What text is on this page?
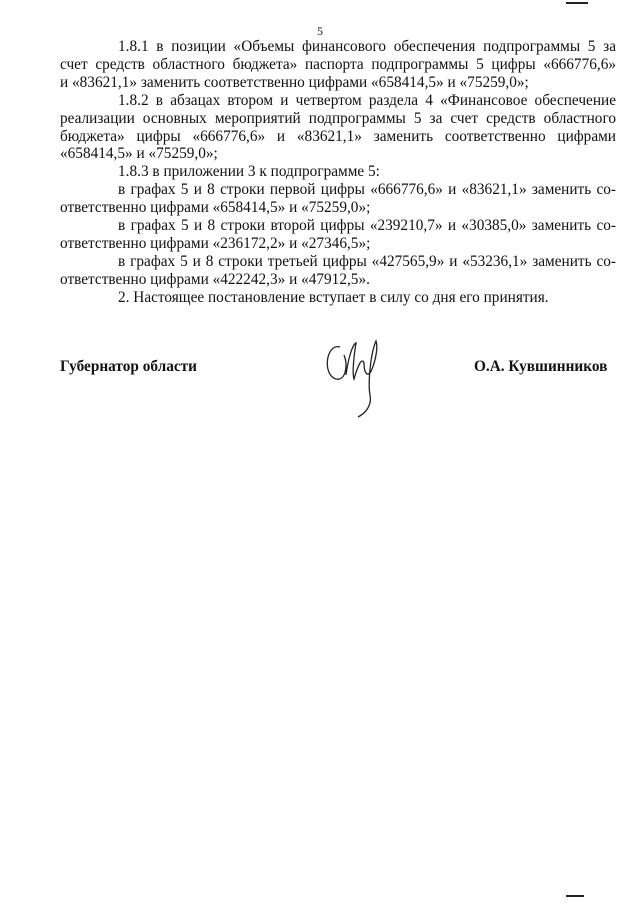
5
1.8.1 в позиции «Объемы финансового обеспечения подпрограммы 5 за
счет средств областного бюджета» паспорта подпрограммы 5 цифры «666776,6»
и «83621,1» заменить соответственно цифрами «658414,5» и «75259,0»;
1.8.2 в абзацах втором и четвертом раздела 4 «Финансовое обеспечение
реализации основных мероприятий подпрограммы 5 за счет средств областного
бюджета» цифры «666776,6» и «83621,1» заменить соответственно цифрами
«658414,5» и «75259,0»;
1.8.3 в приложении 3 к подпрограмме 5:
в графах 5 и 8 строки первой цифры «666776,6» и «83621,1» заменить со-
ответственно цифрами «658414,5» и «75259,0»;
в графах 5 и 8 строки второй цифры «239210,7» и «30385,0» заменить со-
ответственно цифрами «236172,2» и «27346,5»;
в графах 5 и 8 строки третьей цифры «427565,9» и «53236,1» заменить со-
ответственно цифрами «422242,3» и «47912,5».
2. Настоящее постановление вступает в силу со дня его принятия.
Губернатор области	О.А. Кувшинников
